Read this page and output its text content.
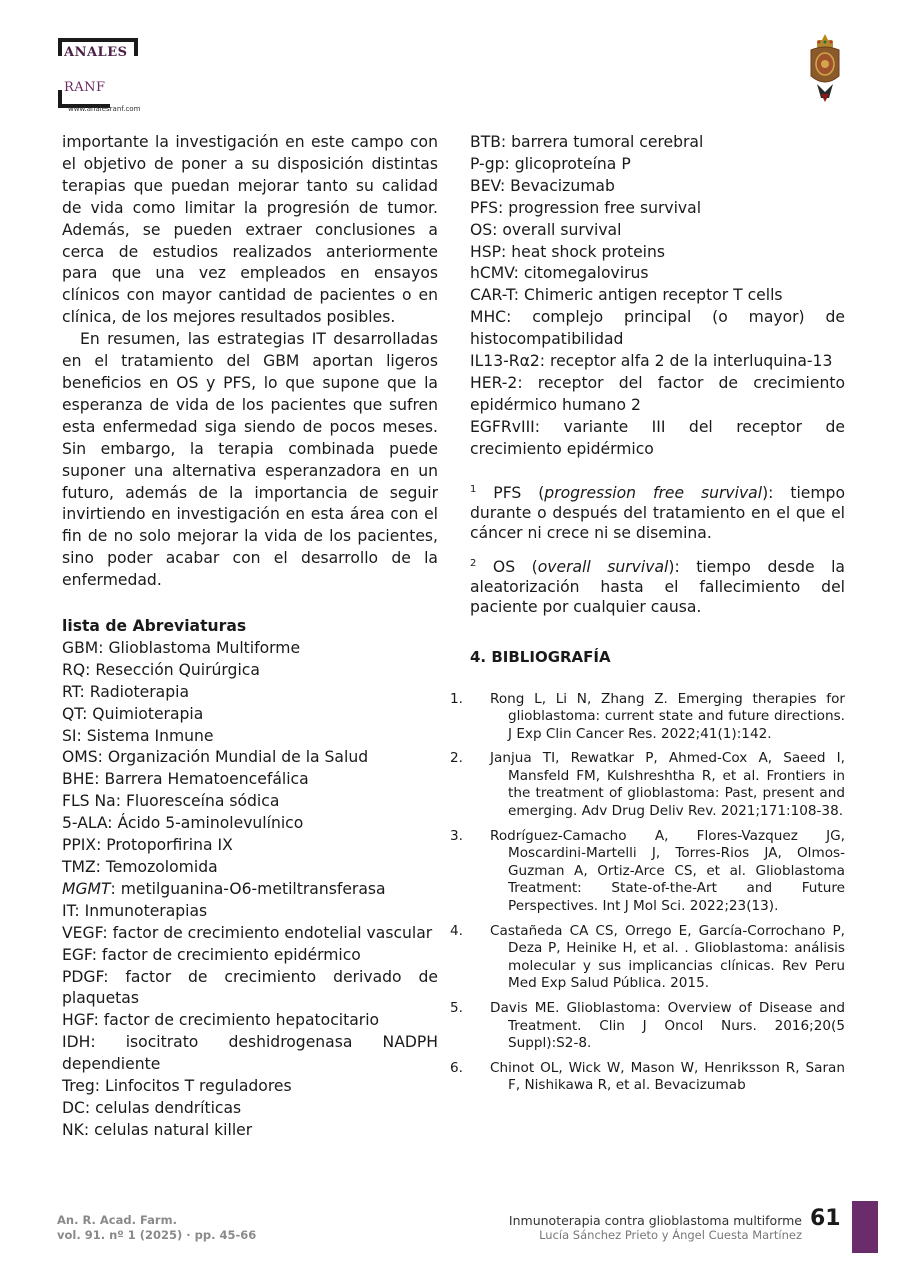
ANALES
RANF
www.analesranf.com

importante la investigación en este campo con el objetivo de poner a su disposición distintas terapias que puedan mejorar tanto su calidad de vida como limitar la progresión de tumor. Además, se pueden extraer conclusiones a cerca de estudios realizados anteriormente para que una vez empleados en ensayos clínicos con mayor cantidad de pacientes o en clínica, de los mejores resultados posibles.

En resumen, las estrategias IT desarrolladas en el tratamiento del GBM aportan ligeros beneficios en OS y PFS, lo que supone que la esperanza de vida de los pacientes que sufren esta enfermedad siga siendo de pocos meses. Sin embargo, la terapia combinada puede suponer una alternativa esperanzadora en un futuro, además de la importancia de seguir invirtiendo en investigación en esta área con el fin de no solo mejorar la vida de los pacientes, sino poder acabar con el desarrollo de la enfermedad.

lista de Abreviaturas

GBM: Glioblastoma Multiforme

RQ: Resección Quirúrgica

RT: Radioterapia

QT: Quimioterapia

SI: Sistema Inmune

OMS: Organización Mundial de la Salud

BHE: Barrera Hematoencefálica

FLS Na: Fluoresceína sódica

5-ALA: Ácido 5-aminolevulínico

PPIX: Protoporfirina IX

TMZ: Temozolomida

MGMT: metilguanina-O6-metiltransferasa

IT: Inmunoterapias

VEGF: factor de crecimiento endotelial vascular

EGF: factor de crecimiento epidérmico

PDGF: factor de crecimiento derivado de plaquetas

HGF: factor de crecimiento hepatocitario

IDH: isocitrato deshidrogenasa NADPH dependiente

Treg: Linfocitos T reguladores

DC: celulas dendríticas

NK: celulas natural killer

BTB: barrera tumoral cerebral

P-gp: glicoproteína P

BEV: Bevacizumab

PFS: progression free survival

OS: overall survival

HSP: heat shock proteins

hCMV: citomegalovirus

CAR-T: Chimeric antigen receptor T cells

MHC: complejo principal (o mayor) de histocompatibilidad

IL13-Rα2: receptor alfa 2 de la interluquina-13

HER-2: receptor del factor de crecimiento epidérmico humano 2

EGFRvIII: variante III del receptor de crecimiento epidérmico

$^1$ PFS (progression free survival): tiempo durante o después del tratamiento en el que el cáncer ni crece ni se disemina.

$^2$ OS (overall survival): tiempo desde la aleatorización hasta el fallecimiento del paciente por cualquier causa.

4. BIBLIOGRAFÍA
1. Rong L, Li N, Zhang Z. Emerging therapies for glioblastoma: current state and future directions. J Exp Clin Cancer Res. 2022;41(1):142.
2. Janjua TI, Rewatkar P, Ahmed-Cox A, Saeed I, Mansfeld FM, Kulshreshtha R, et al. Frontiers in the treatment of glioblastoma: Past, present and emerging. Adv Drug Deliv Rev. 2021;171:108-38.
3. Rodríguez-Camacho A, Flores-Vazquez JG, Moscardini-Martelli J, Torres-Rios JA, Olmos-Guzman A, Ortiz-Arce CS, et al. Glioblastoma Treatment: State-of-the-Art and Future Perspectives. Int J Mol Sci. 2022;23(13).
4. Castañeda CA CS, Orrego E, García-Corrochano P, Deza P, Heinike H, et al. . Glioblastoma: análisis molecular y sus implicancias clínicas. Rev Peru Med Exp Salud Pública. 2015.
5. Davis ME. Glioblastoma: Overview of Disease and Treatment. Clin J Oncol Nurs. 2016;20(5 Suppl):S2-8.
6. Chinot OL, Wick W, Mason W, Henriksson R, Saran F, Nishikawa R, et al. Bevacizumab
An. R. Acad. Farm.
vol. 91. nº 1 (2025) · pp. 45-66
Inmunoterapia contra glioblastoma multiforme
Lucía Sánchez Prieto y Ángel Cuesta Martínez
61
